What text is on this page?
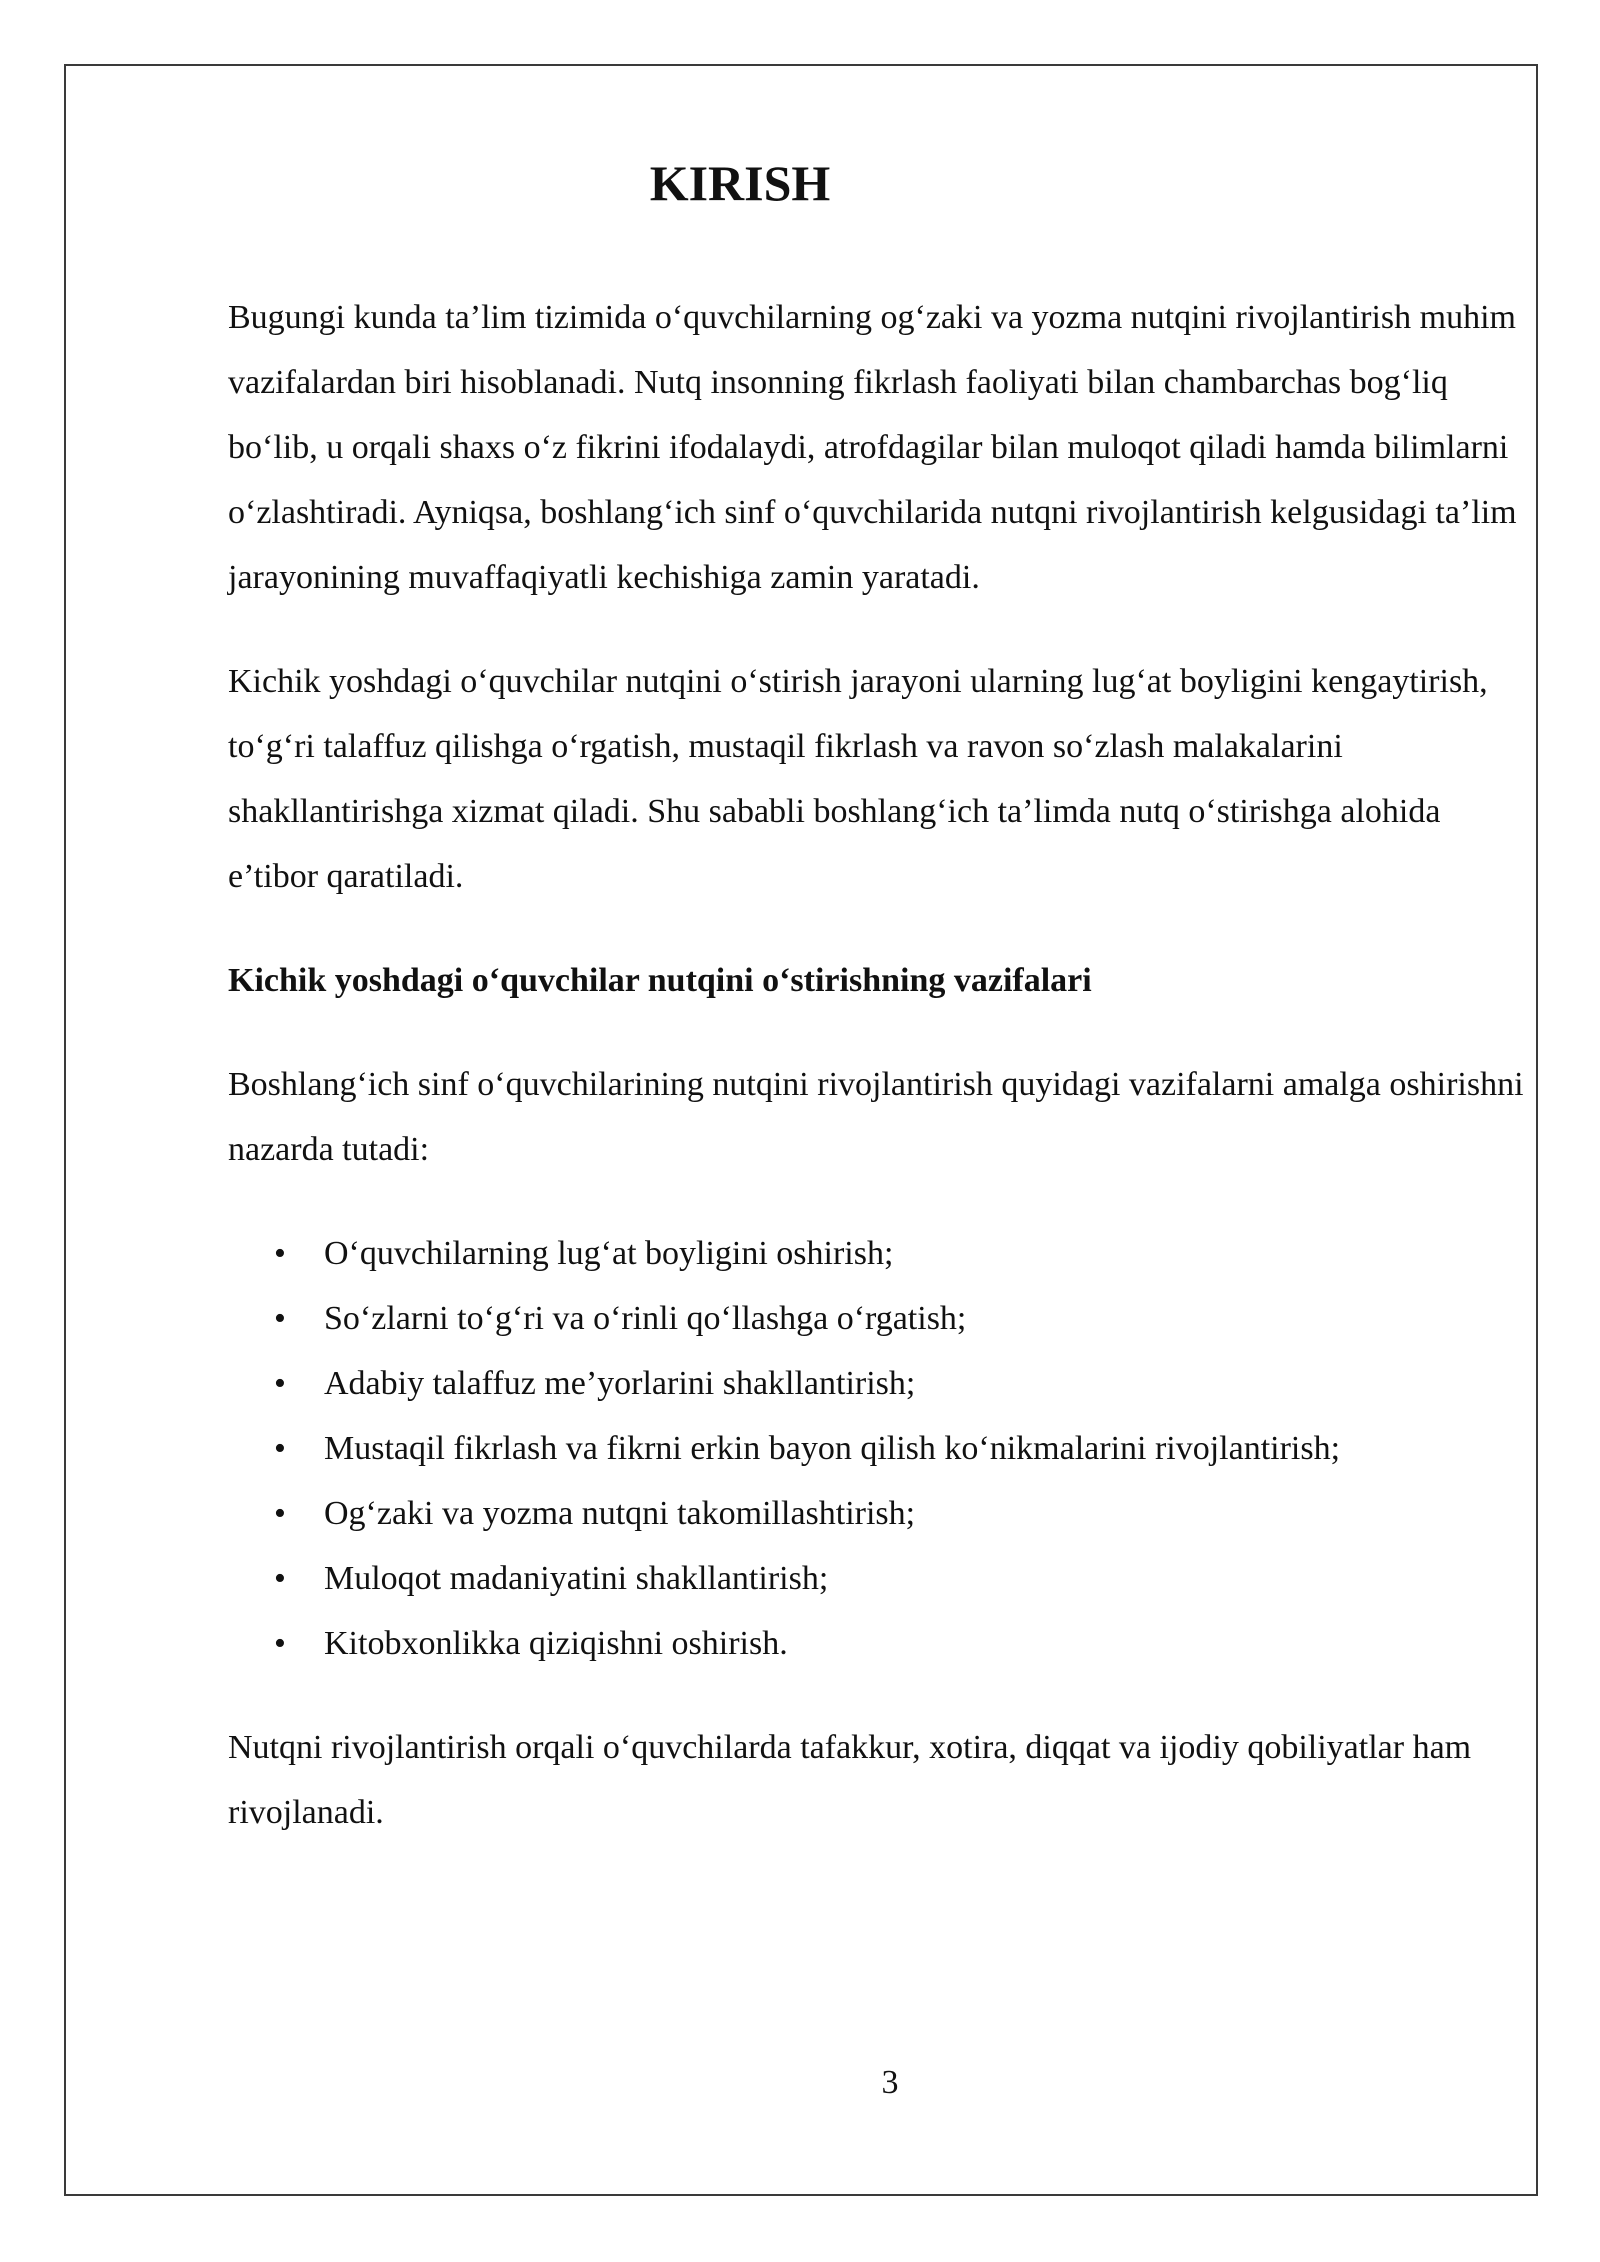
KIRISH

Bugungi kunda ta’lim tizimida o‘quvchilarning og‘zaki va yozma nutqini rivojlantirish muhim vazifalardan biri hisoblanadi. Nutq insonning fikrlash faoliyati bilan chambarchas bog‘liq bo‘lib, u orqali shaxs o‘z fikrini ifodalaydi, atrofdagilar bilan muloqot qiladi hamda bilimlarni o‘zlashtiradi. Ayniqsa, boshlang‘ich sinf o‘quvchilarida nutqni rivojlantirish kelgusidagi ta’lim jarayonining muvaffaqiyatli kechishiga zamin yaratadi.

Kichik yoshdagi o‘quvchilar nutqini o‘stirish jarayoni ularning lug‘at boyligini kengaytirish, to‘g‘ri talaffuz qilishga o‘rgatish, mustaqil fikrlash va ravon so‘zlash malakalarini shakllantirishga xizmat qiladi. Shu sababli boshlang‘ich ta’limda nutq o‘stirishga alohida e’tibor qaratiladi.

Kichik yoshdagi o‘quvchilar nutqini o‘stirishning vazifalari

Boshlang‘ich sinf o‘quvchilarining nutqini rivojlantirish quyidagi vazifalarni amalga oshirishni nazarda tutadi:

• O‘quvchilarning lug‘at boyligini oshirish;
• So‘zlarni to‘g‘ri va o‘rinli qo‘llashga o‘rgatish;
• Adabiy talaffuz me’yorlarini shakllantirish;
• Mustaqil fikrlash va fikrni erkin bayon qilish ko‘nikmalarini rivojlantirish;
• Og‘zaki va yozma nutqni takomillashtirish;
• Muloqot madaniyatini shakllantirish;
• Kitobxonlikka qiziqishni oshirish.

Nutqni rivojlantirish orqali o‘quvchilarda tafakkur, xotira, diqqat va ijodiy qobiliyatlar ham rivojlanadi.

3
